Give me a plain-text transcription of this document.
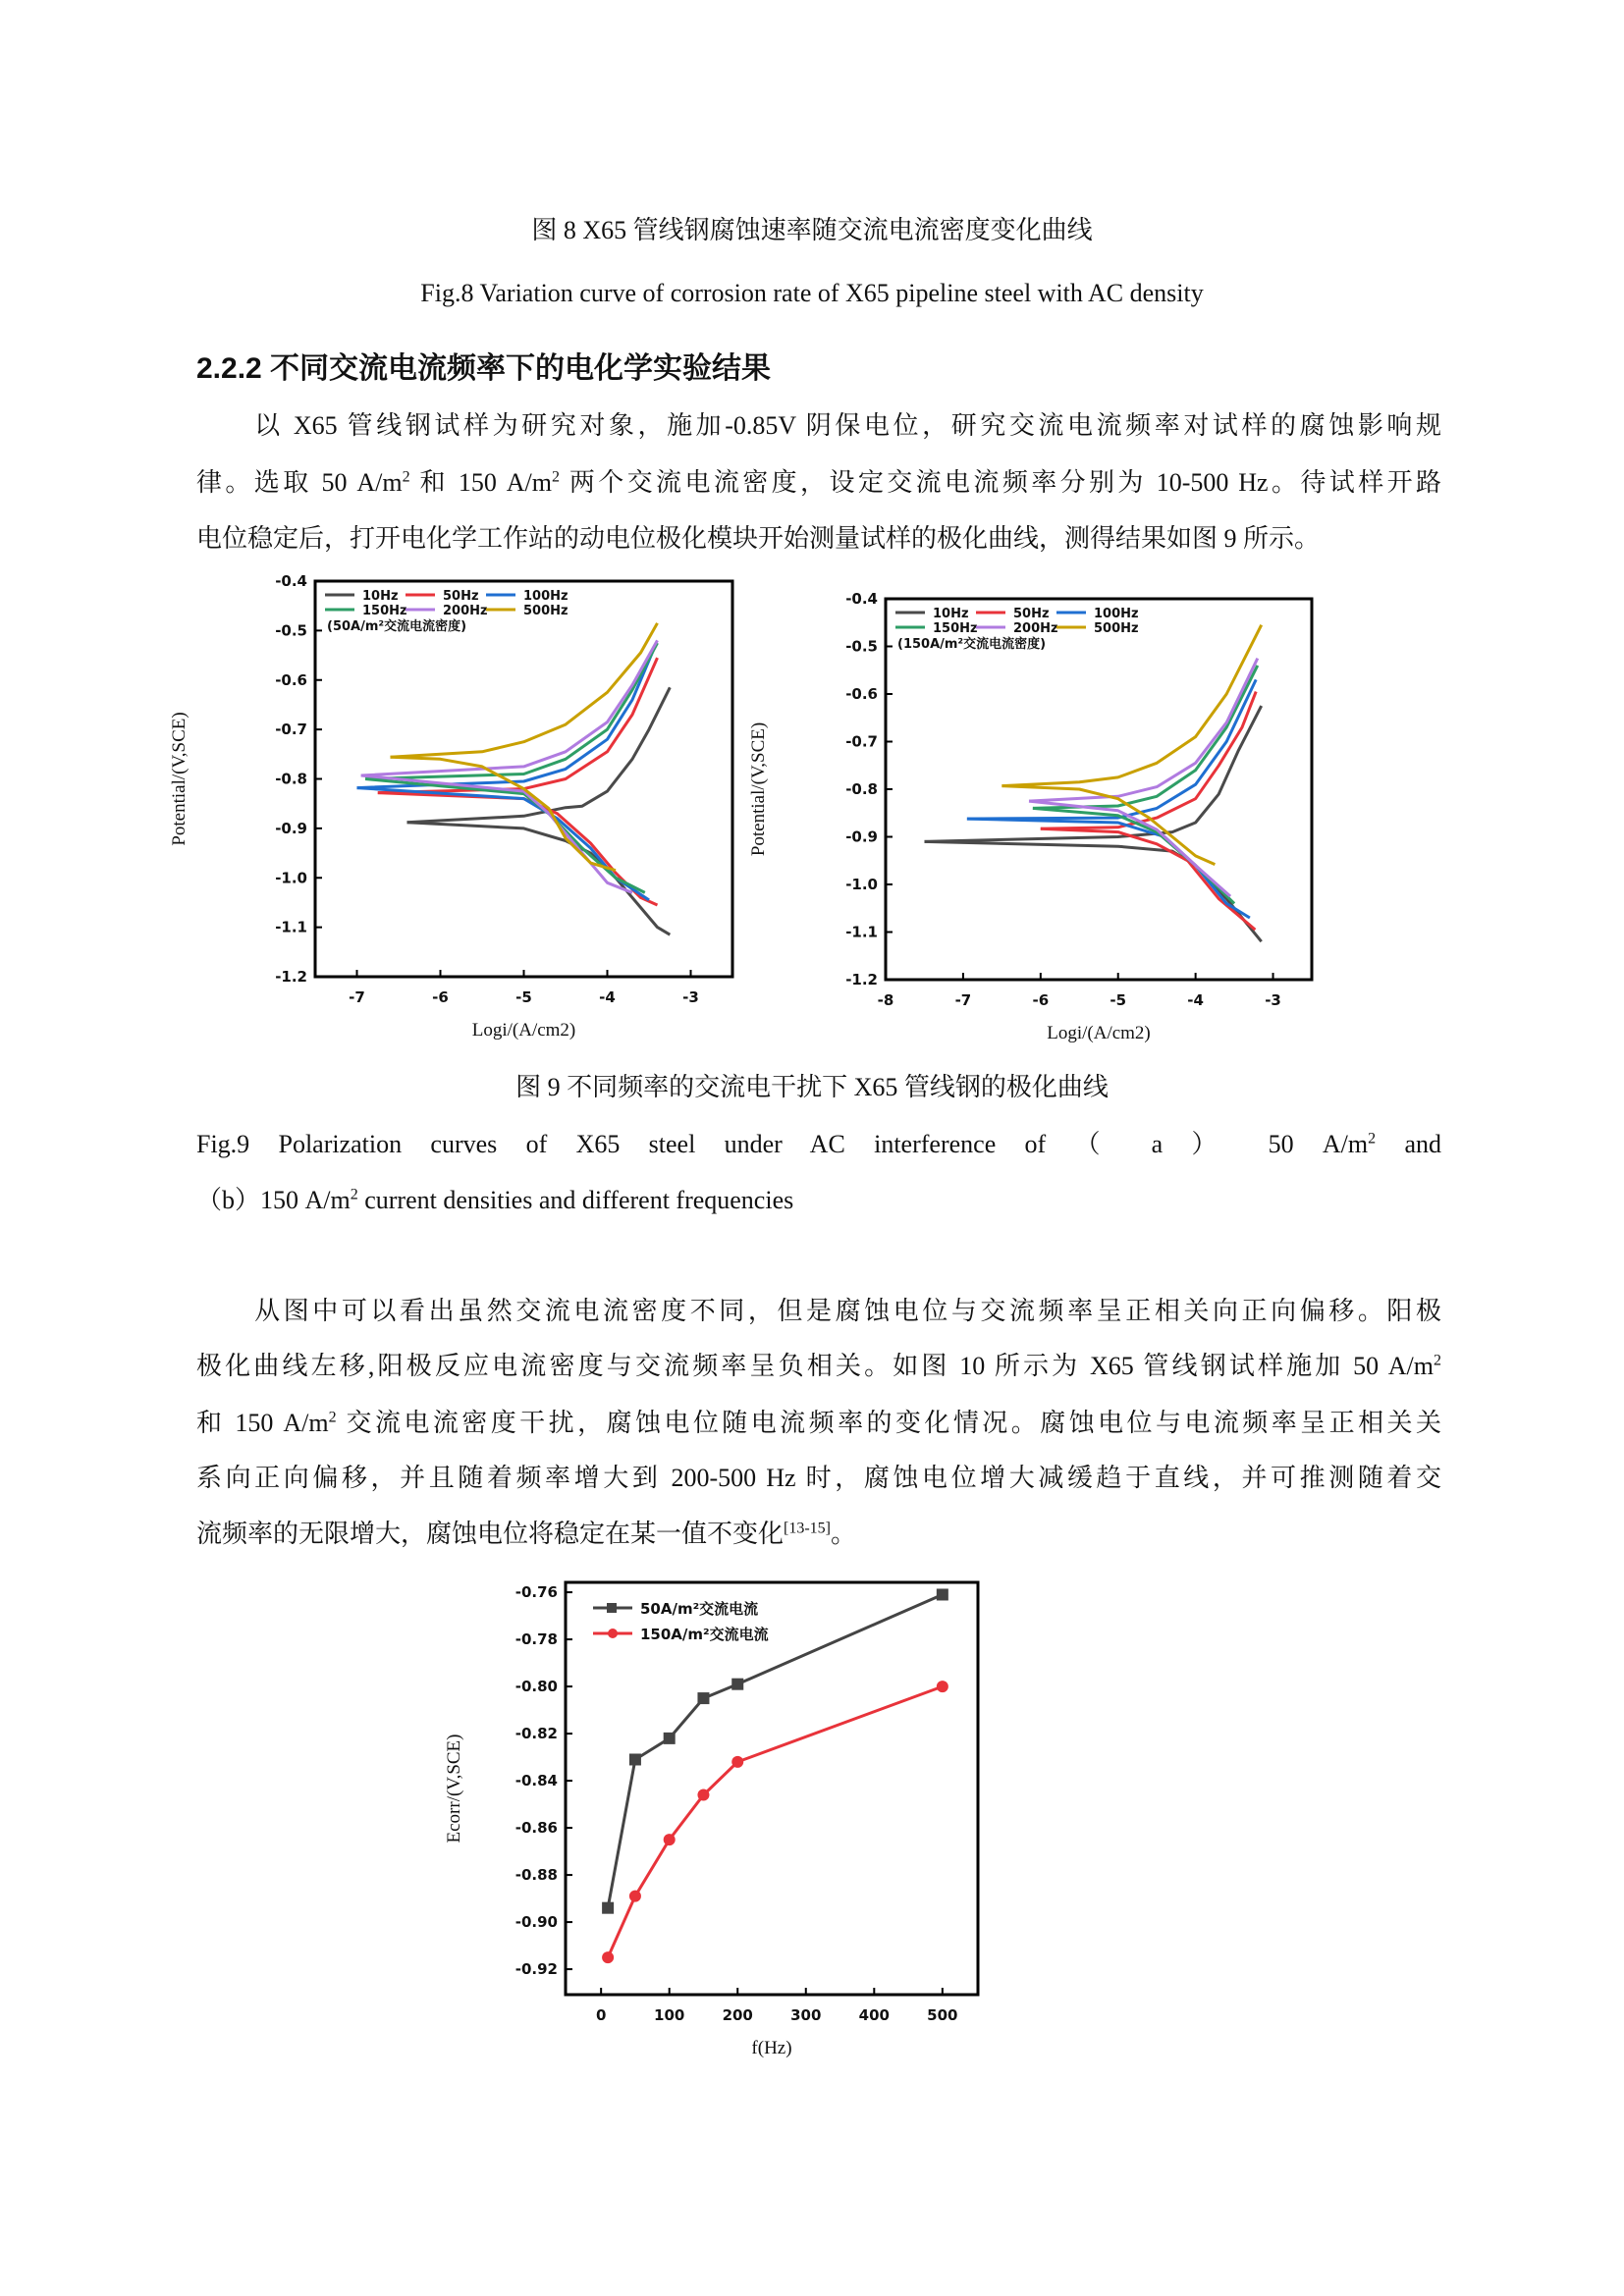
图 8 X65 管线钢腐蚀速率随交流电流密度变化曲线
Fig.8 Variation curve of corrosion rate of X65 pipeline steel with AC density
2.2.2 不同交流电流频率下的电化学实验结果
　　以 X65 管线钢试样为研究对象，施加-0.85V 阴保电位，研究交流电流频率对试样的腐蚀影响规
律。选取 50 $A/m^2$ 和 150 $A/m^2$ 两个交流电流密度，设定交流电流频率分别为 10-500 Hz。待试样开路
电位稳定后，打开电化学工作站的动电位极化模块开始测量试样的极化曲线，测得结果如图 9 所示。
-7	-6	-5	-4	-3
-0.4
-0.5
-0.6
-0.7
-0.8
-0.9
-1.0
-1.1
-1.2
Logi/(A/cm2)
Potential/(V,SCE)
10Hz	50Hz	100Hz
150Hz	200Hz	500Hz
(50A/m²交流电流密度)
-8	-7	-6	-5	-4	-3
-0.4
-0.5
-0.6
-0.7
-0.8
-0.9
-1.0
-1.1
-1.2
Logi/(A/cm2)
Potential/(V,SCE)
10Hz	50Hz	100Hz
150Hz	200Hz	500Hz
(150A/m²交流电流密度)
图 9 不同频率的交流电干扰下 X65 管线钢的极化曲线
Fig.9 Polarization curves of X65 steel under AC interference of （ a ） 50 $A/m^2$ and
（b）150 $A/m^2$ current densities and different frequencies
　　从图中可以看出虽然交流电流密度不同，但是腐蚀电位与交流频率呈正相关向正向偏移。阳极
极化曲线左移,阳极反应电流密度与交流频率呈负相关。如图 10 所示为 X65 管线钢试样施加 50 $A/m^2$
和 150 $A/m^2$ 交流电流密度干扰，腐蚀电位随电流频率的变化情况。腐蚀电位与电流频率呈正相关关
系向正向偏移，并且随着频率增大到 200-500 Hz 时，腐蚀电位增大减缓趋于直线，并可推测随着交
流频率的无限增大，腐蚀电位将稳定在某一值不变化[13-15]。
0	100	200	300	400	500
-0.76
-0.78
-0.80
-0.82
-0.84
-0.86
-0.88
-0.90
-0.92
f(Hz)
Ecorr/(V,SCE)
50A/m²交流电流
150A/m²交流电流
